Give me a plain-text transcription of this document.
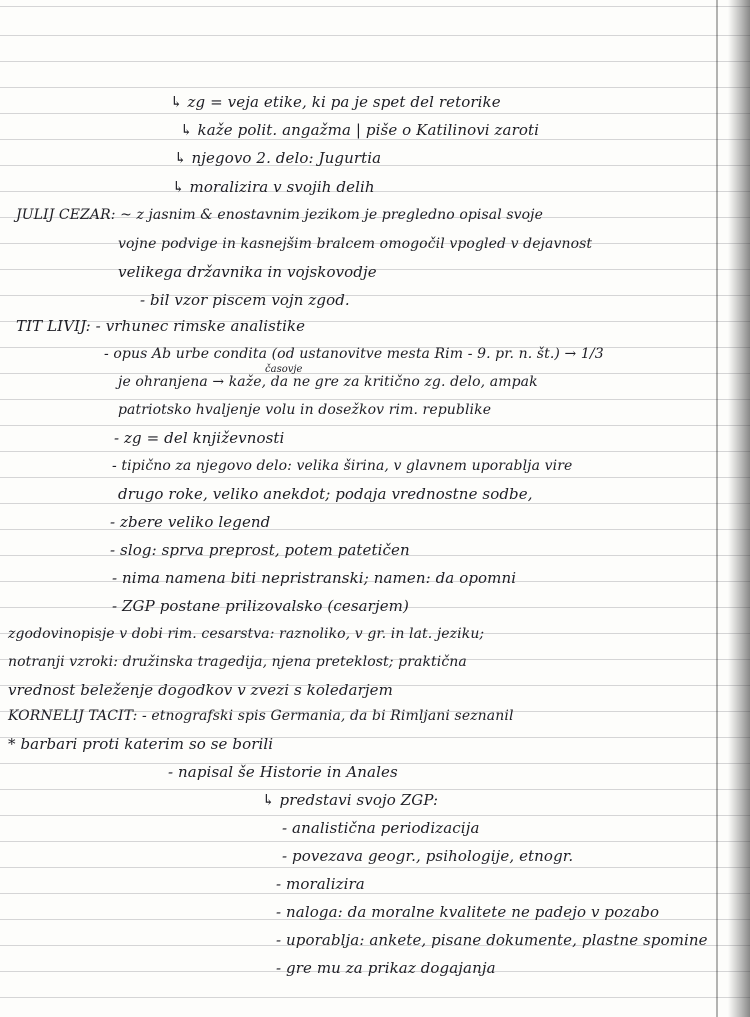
↳ zg = veja etike, ki pa je spet del retorike
↳ kaže polit. angažma | piše o Katilinovi zaroti
↳ njegovo 2. delo: Jugurtia
↳ moralizira v svojih delih
JULIJ CEZAR: ~ z jasnim & enostavnim jezikom je pregledno opisal svoje
vojne podvige in kasnejšim bralcem omogočil vpogled v dejavnost
velikega državnika in vojskovodje
- bil vzor piscem vojn zgod.
TIT LIVIJ: - vrhunec rimske analistike
- opus Ab urbe condita (od ustanovitve mesta Rim - 9. pr. n. št.) → 1/3
časovje
je ohranjena → kaže, da ne gre za kritično zg. delo, ampak
patriotsko hvaljenje volu in dosežkov rim. republike
- zg = del književnosti
- tipično za njegovo delo: velika širina, v glavnem uporablja vire
drugo roke, veliko anekdot; podaja vrednostne sodbe,
- zbere veliko legend
- slog: sprva preprost, potem patetičen
- nima namena biti nepristranski; namen: da opomni
- ZGP postane prilizovalsko (cesarjem)
zgodovinopisje v dobi rim. cesarstva: raznoliko, v gr. in lat. jeziku;
notranji vzroki: družinska tragedija, njena preteklost; praktična
vrednost beleženje dogodkov v zvezi s koledarjem
KORNELIJ TACIT: - etnografski spis Germania, da bi Rimljani seznanil
* barbari proti katerim so se borili
- napisal še Historie in Anales
↳ predstavi svojo ZGP:
- analistična periodizacija
- povezava geogr., psihologije, etnogr.
- moralizira
- naloga: da moralne kvalitete ne padejo v pozabo
- uporablja: ankete, pisane dokumente, plastne spomine
- gre mu za prikaz dogajanja
